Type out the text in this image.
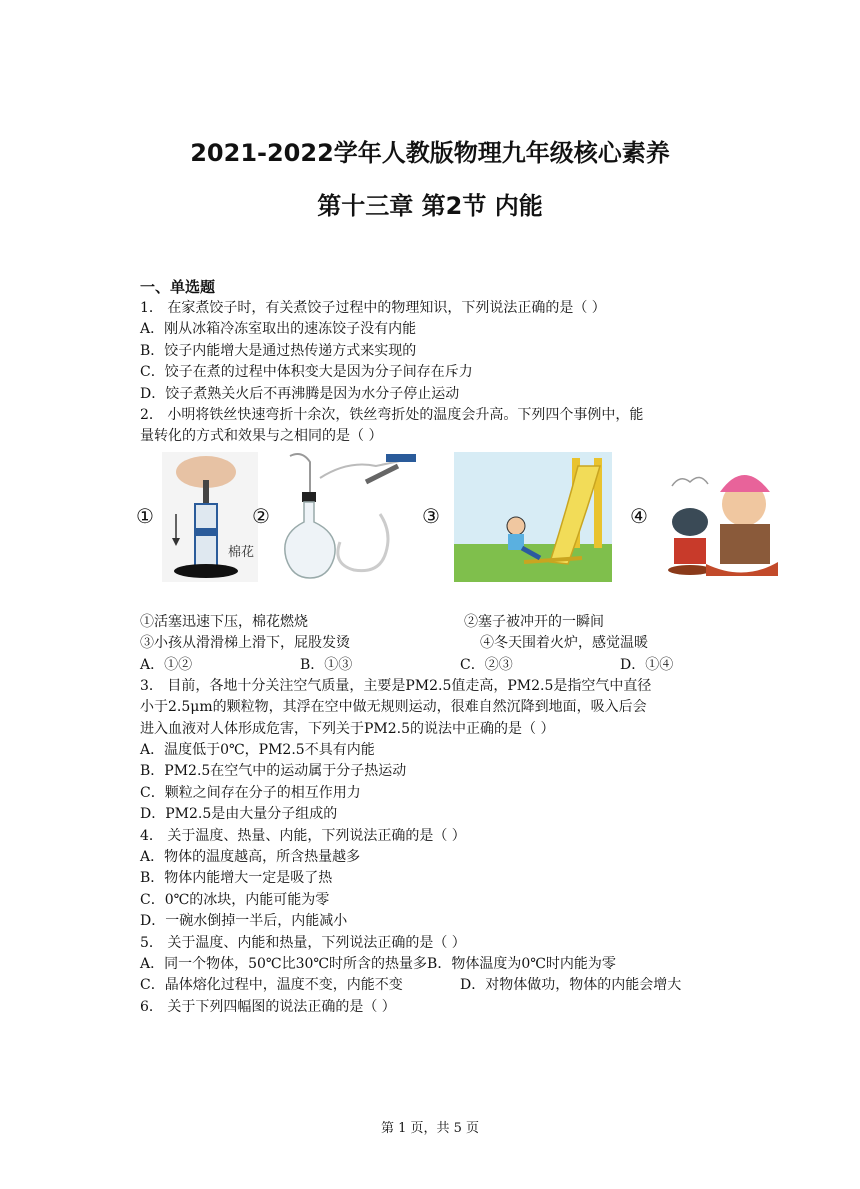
2021-2022学年人教版物理九年级核心素养
第十三章 第2节 内能
一、单选题
1． 在家煮饺子时，有关煮饺子过程中的物理知识，下列说法正确的是（ ）
A．刚从冰箱冷冻室取出的速冻饺子没有内能
B．饺子内能增大是通过热传递方式来实现的
C．饺子在煮的过程中体积变大是因为分子间存在斥力
D．饺子煮熟关火后不再沸腾是因为水分子停止运动
2． 小明将铁丝快速弯折十余次，铁丝弯折处的温度会升高。下列四个事例中，能
量转化的方式和效果与之相同的是（ ）
①
棉花
②	③	④
①活塞迅速下压，棉花燃烧	②塞子被冲开的一瞬间
③小孩从滑滑梯上滑下，屁股发烫	④冬天围着火炉，感觉温暖
A．①②	B．①③	C．②③	D．①④
3． 目前，各地十分关注空气质量，主要是PM2.5值走高，PM2.5是指空气中直径
小于2.5μm的颗粒物，其浮在空中做无规则运动，很难自然沉降到地面，吸入后会
进入血液对人体形成危害，下列关于PM2.5的说法中正确的是（ ）
A．温度低于0℃，PM2.5不具有内能
B．PM2.5在空气中的运动属于分子热运动
C．颗粒之间存在分子的相互作用力
D．PM2.5是由大量分子组成的
4． 关于温度、热量、内能，下列说法正确的是（ ）
A．物体的温度越高，所含热量越多
B．物体内能增大一定是吸了热
C．0℃的冰块，内能可能为零
D．一碗水倒掉一半后，内能减小
5． 关于温度、内能和热量，下列说法正确的是（ ）
A．同一个物体，50℃比30℃时所含的热量多B．物体温度为0℃时内能为零
C．晶体熔化过程中，温度不变，内能不变	D．对物体做功，物体的内能会增大
6． 关于下列四幅图的说法正确的是（ ）
第 1 页，共 5 页
